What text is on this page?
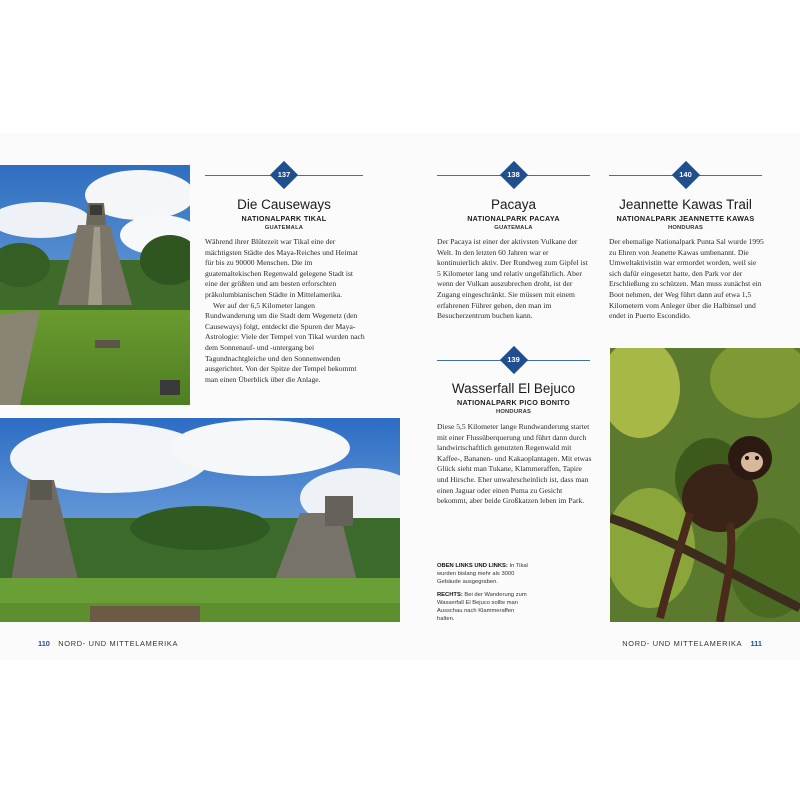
137
Die Causeways
NATIONALPARK TIKAL
GUATEMALA

Während ihrer Blütezeit war Tikal eine der mächtigsten Städte des Maya-Reiches und Heimat für bis zu 90000 Menschen. Die im guatemaltekischen Regenwald gelegene Stadt ist eine der größten und am besten erforschten präkolumbianischen Städte in Mittelamerika.

Wer auf der 6,5 Kilometer langen Rundwanderung um die Stadt dem Wegenetz (den Causeways) folgt, entdeckt die Spuren der Maya-Astrologie: Viele der Tempel von Tikal wurden nach dem Sonnenauf- und -untergang bei Tagundnachtgleiche und den Sonnenwenden ausgerichtet. Von der Spitze der Tempel bekommt man einen Überblick über die Anlage.

138
Pacaya
NATIONALPARK PACAYA
GUATEMALA

Der Pacaya ist einer der aktivsten Vulkane der Welt. In den letzten 60 Jahren war er kontinuierlich aktiv. Der Rundweg zum Gipfel ist 5 Kilometer lang und relativ ungefährlich. Aber wenn der Vulkan auszubrechen droht, ist der Zugang eingeschränkt. Sie müssen mit einem erfahrenen Führer gehen, den man im Besucherzentrum buchen kann.

140
Jeannette Kawas Trail
NATIONALPARK JEANNETTE KAWAS
HONDURAS

Der ehemalige Nationalpark Punta Sal wurde 1995 zu Ehren von Jeanette Kawas umbenannt. Die Umweltaktivistin war ermordet worden, weil sie sich dafür eingesetzt hatte, den Park vor der Erschließung zu schützen. Man muss zunächst ein Boot nehmen, der Weg führt dann auf etwa 1,5 Kilometern vom Anleger über die Halbinsel und endet in Puerto Escondido.

139
Wasserfall El Bejuco
NATIONALPARK PICO BONITO
HONDURAS

Diese 5,5 Kilometer lange Rundwanderung startet mit einer Flussüberquerung und führt dann durch landwirtschaftlich genutzten Regenwald mit Kaffee-, Bananen- und Kakaoplantagen. Mit etwas Glück sieht man Tukane, Klammeraffen, Tapire und Hirsche. Eher unwahrscheinlich ist, dass man einen Jaguar oder einen Puma zu Gesicht bekommt, aber beide Großkatzen leben im Park.

OBEN LINKS UND LINKS: In Tikal wurden bislang mehr als 3000 Gebäude ausgegraben.

RECHTS: Bei der Wanderung zum Wasserfall El Bejuco sollte man Ausschau nach Klammeraffen halten.

110 NORD- UND MITTELAMERIKA	NORD- UND MITTELAMERIKA 111
